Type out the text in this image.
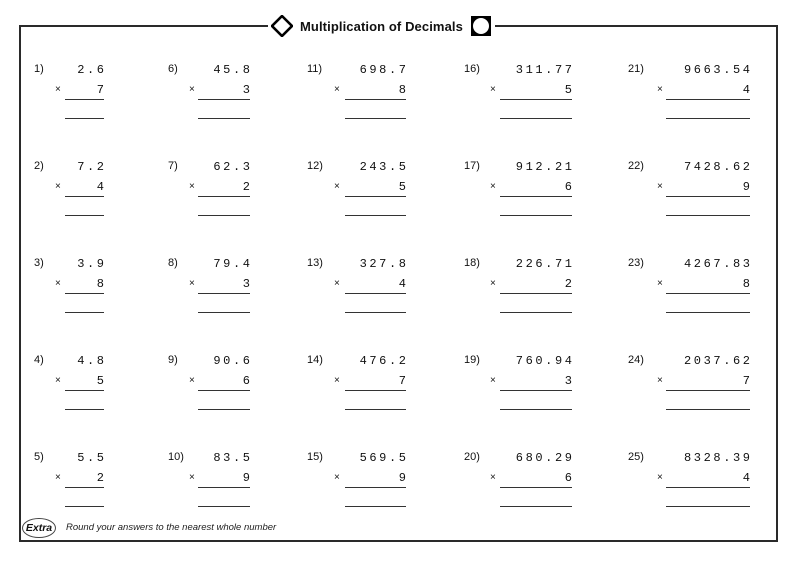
Multiplication of Decimals
1)	2.6
×	7
2)	7.2
×	4
3)	3.9
×	8
4)	4.8
×	5
5)	5.5
×	2
6)	45.8
×	3
7)	62.3
×	2
8)	79.4
×	3
9)	90.6
×	6
10)	83.5
×	9
11)	698.7
×	8
12)	243.5
×	5
13)	327.8
×	4
14)	476.2
×	7
15)	569.5
×	9
16)	311.77
×	5
17)	912.21
×	6
18)	226.71
×	2
19)	760.94
×	3
20)	680.29
×	6
21)	9663.54
×	4
22)	7428.62
×	9
23)	4267.83
×	8
24)	2037.62
×	7
25)	8328.39
×	4
Extra	Round your answers to the nearest whole number
